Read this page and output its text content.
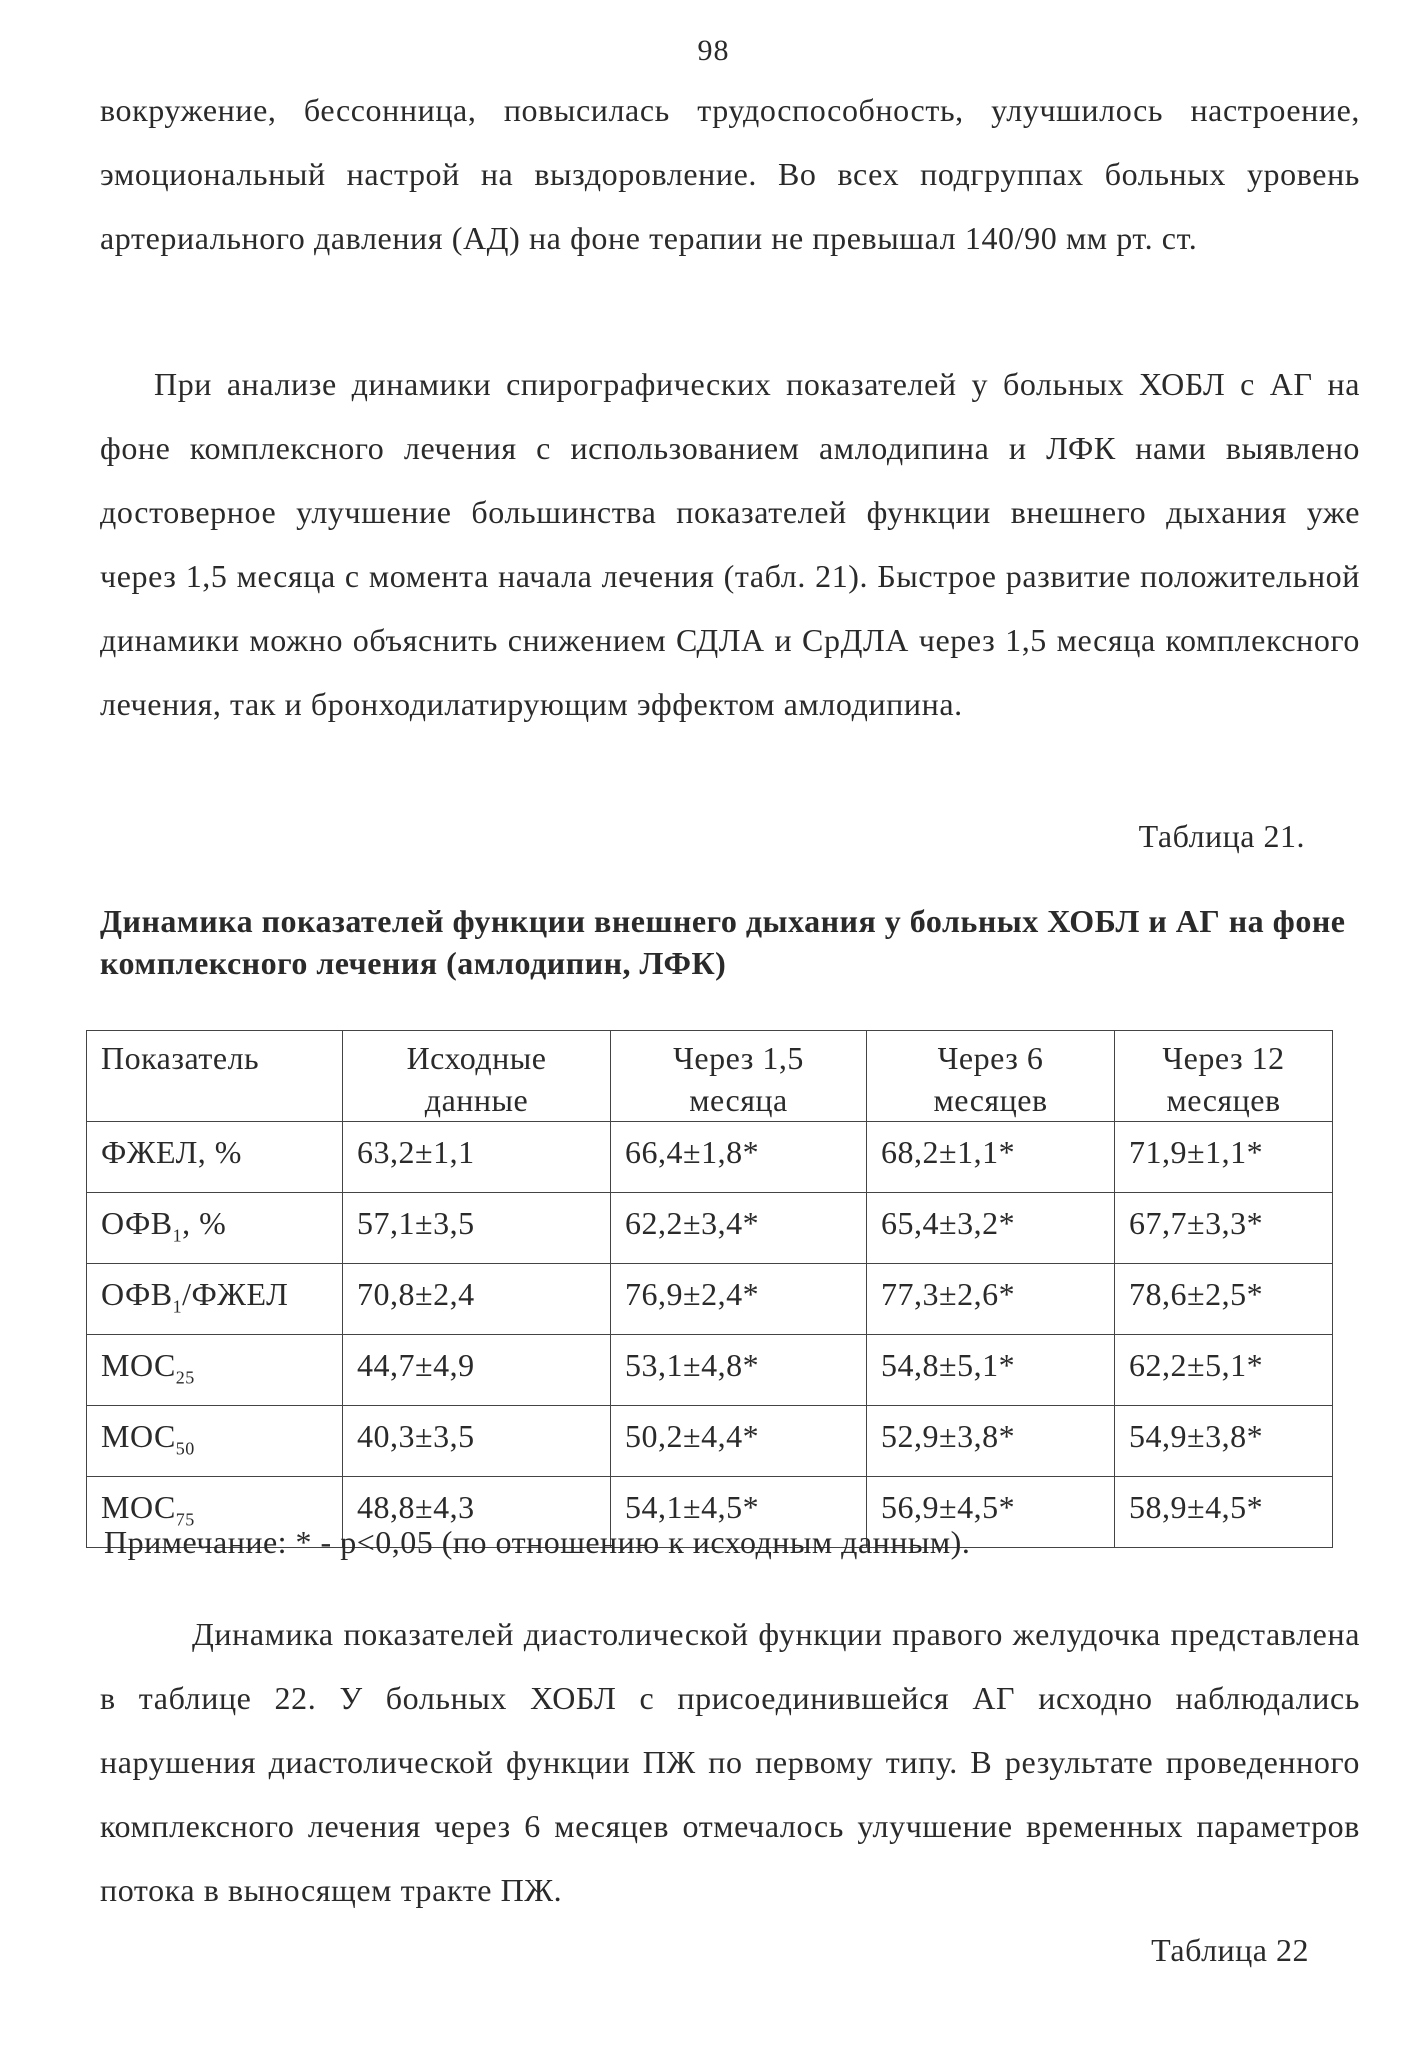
98

вокружение, бессонница, повысилась трудоспособность, улучшилось настроение, эмоциональный настрой на выздоровление. Во всех подгруппах больных уровень артериального давления (АД) на фоне терапии не превышал 140/90 мм рт. ст.

При анализе динамики спирографических показателей у больных ХОБЛ с АГ на фоне комплексного лечения с использованием амлодипина и ЛФК нами выявлено достоверное улучшение большинства показателей функции внешнего дыхания уже через 1,5 месяца с момента начала лечения (табл. 21). Быстрое развитие положительной динамики можно объяснить снижением СДЛА и СрДЛА через 1,5 месяца комплексного лечения, так и бронходилатирующим эффектом амлодипина.

Таблица 21.
Динамика показателей функции внешнего дыхания у больных ХОБЛ и АГ на фоне комплексного лечения (амлодипин, ЛФК)
Показатель	Исходные данные	Через 1,5 месяца	Через 6 месяцев	Через 12 месяцев
ФЖЕЛ, %	63,2±1,1	66,4±1,8*	68,2±1,1*	71,9±1,1*
$ОФВ_1$, %	57,1±3,5	62,2±3,4*	65,4±3,2*	67,7±3,3*
$ОФВ_1$/ФЖЕЛ	70,8±2,4	76,9±2,4*	77,3±2,6*	78,6±2,5*
$МОС_{25}$	44,7±4,9	53,1±4,8*	54,8±5,1*	62,2±5,1*
$МОС_{50}$	40,3±3,5	50,2±4,4*	52,9±3,8*	54,9±3,8*
$МОС_{75}$	48,8±4,3	54,1±4,5*	56,9±4,5*	58,9±4,5*
Примечание: * - р<0,05 (по отношению к исходным данным).

Динамика показателей диастолической функции правого желудочка представлена в таблице 22. У больных ХОБЛ с присоединившейся АГ исходно наблюдались нарушения диастолической функции ПЖ по первому типу. В результате проведенного комплексного лечения через 6 месяцев отмечалось улучшение временных параметров потока в выносящем тракте ПЖ.

Таблица 22
